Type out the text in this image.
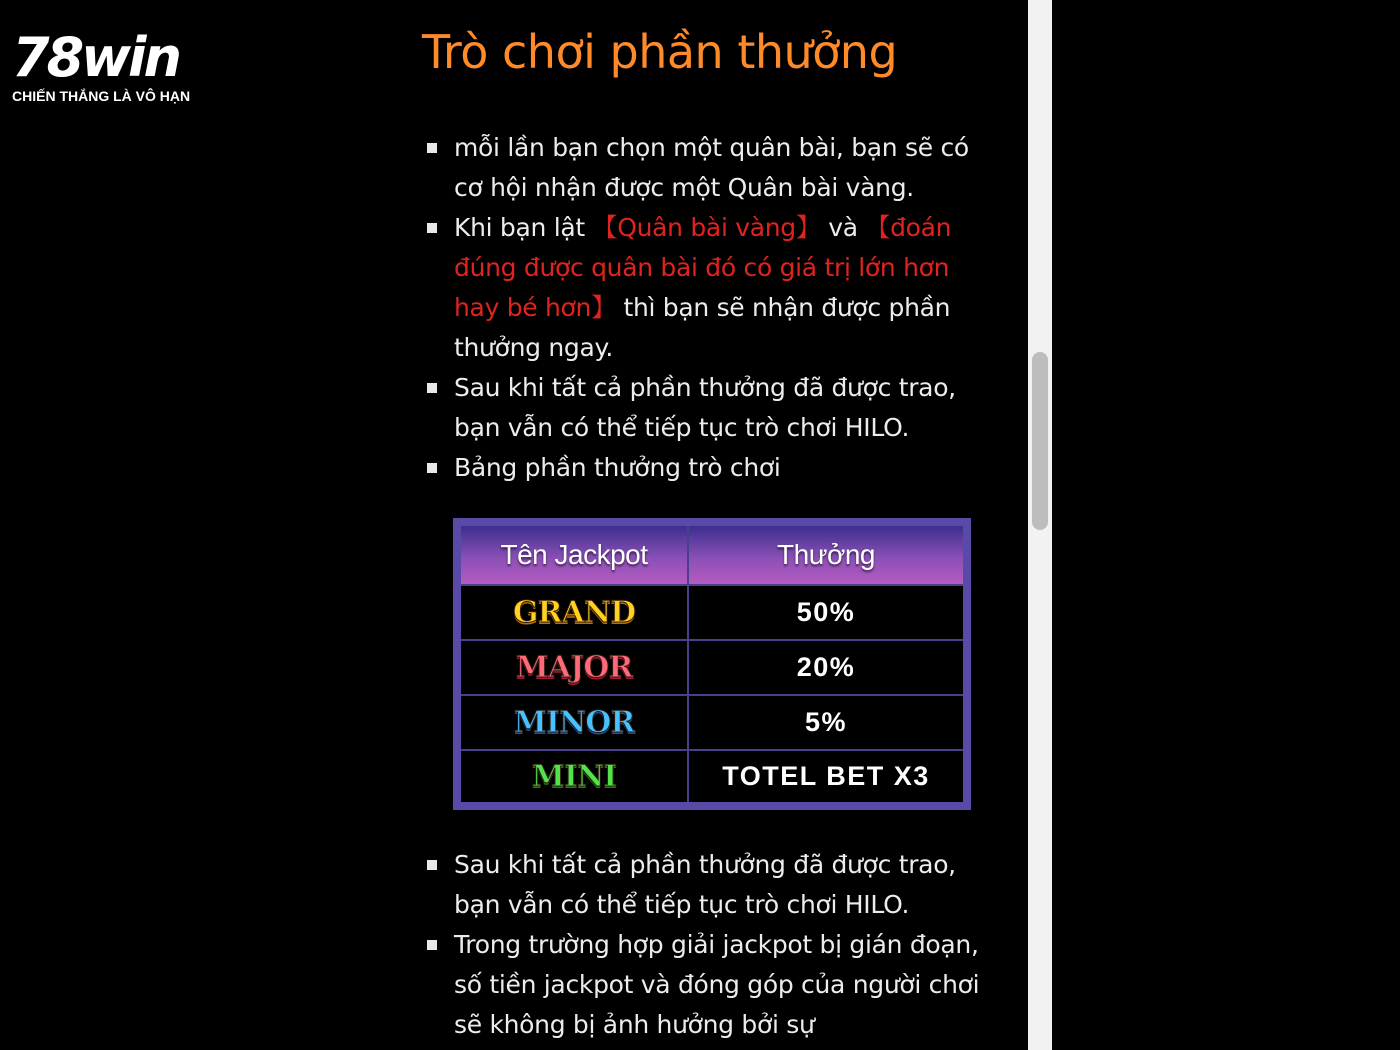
78win
CHIẾN THẮNG LÀ VÔ HẠN
Trò chơi phần thưởng
mỗi lần bạn chọn một quân bài, bạn sẽ có cơ hội nhận được một Quân bài vàng.
Khi bạn lật 【Quân bài vàng】 và 【đoán đúng được quân bài đó có giá trị lớn hơn hay bé hơn】 thì bạn sẽ nhận được phần thưởng ngay.
Sau khi tất cả phần thưởng đã được trao, bạn vẫn có thể tiếp tục trò chơi HILO.
Bảng phần thưởng trò chơi
Sau khi tất cả phần thưởng đã được trao, bạn vẫn có thể tiếp tục trò chơi HILO.
Trong trường hợp giải jackpot bị gián đoạn, số tiền jackpot và đóng góp của người chơi sẽ không bị ảnh hưởng bởi sự
Tên Jackpot	Thưởng
GRAND	50%
MAJOR	20%
MINOR	5%
MINI	TOTEL BET X3
